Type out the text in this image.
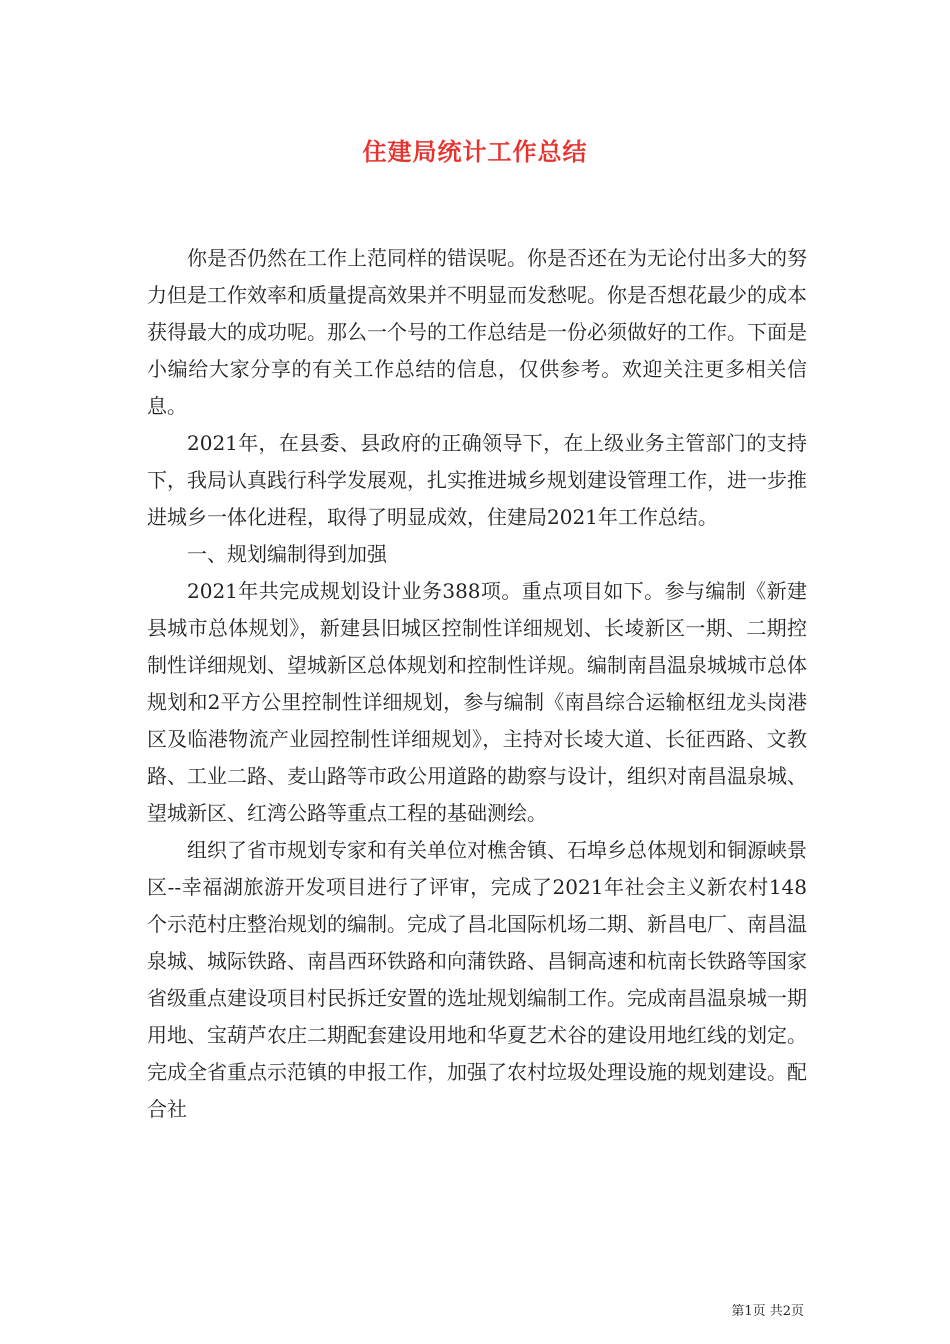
住建局统计工作总结

你是否仍然在工作上范同样的错误呢。你是否还在为无论付出多大的努力但是工作效率和质量提高效果并不明显而发愁呢。你是否想花最少的成本获得最大的成功呢。那么一个号的工作总结是一份必须做好的工作。下面是小编给大家分享的有关工作总结的信息，仅供参考。欢迎关注更多相关信息。

2021年，在县委、县政府的正确领导下，在上级业务主管部门的支持下，我局认真践行科学发展观，扎实推进城乡规划建设管理工作，进一步推进城乡一体化进程，取得了明显成效，住建局2021年工作总结。

一、规划编制得到加强

2021年共完成规划设计业务388项。重点项目如下。参与编制《新建县城市总体规划》，新建县旧城区控制性详细规划、长堎新区一期、二期控制性详细规划、望城新区总体规划和控制性详规。编制南昌温泉城城市总体规划和2平方公里控制性详细规划，参与编制《南昌综合运输枢纽龙头岗港区及临港物流产业园控制性详细规划》，主持对长堎大道、长征西路、文教路、工业二路、麦山路等市政公用道路的勘察与设计，组织对南昌温泉城、望城新区、红湾公路等重点工程的基础测绘。

组织了省市规划专家和有关单位对樵舍镇、石埠乡总体规划和铜源峡景区--幸福湖旅游开发项目进行了评审，完成了2021年社会主义新农村148个示范村庄整治规划的编制。完成了昌北国际机场二期、新昌电厂、南昌温泉城、城际铁路、南昌西环铁路和向蒲铁路、昌铜高速和杭南长铁路等国家省级重点建设项目村民拆迁安置的选址规划编制工作。完成南昌温泉城一期用地、宝葫芦农庄二期配套建设用地和华夏艺术谷的建设用地红线的划定。完成全省重点示范镇的申报工作，加强了农村垃圾处理设施的规划建设。配合社

第1页 共2页
